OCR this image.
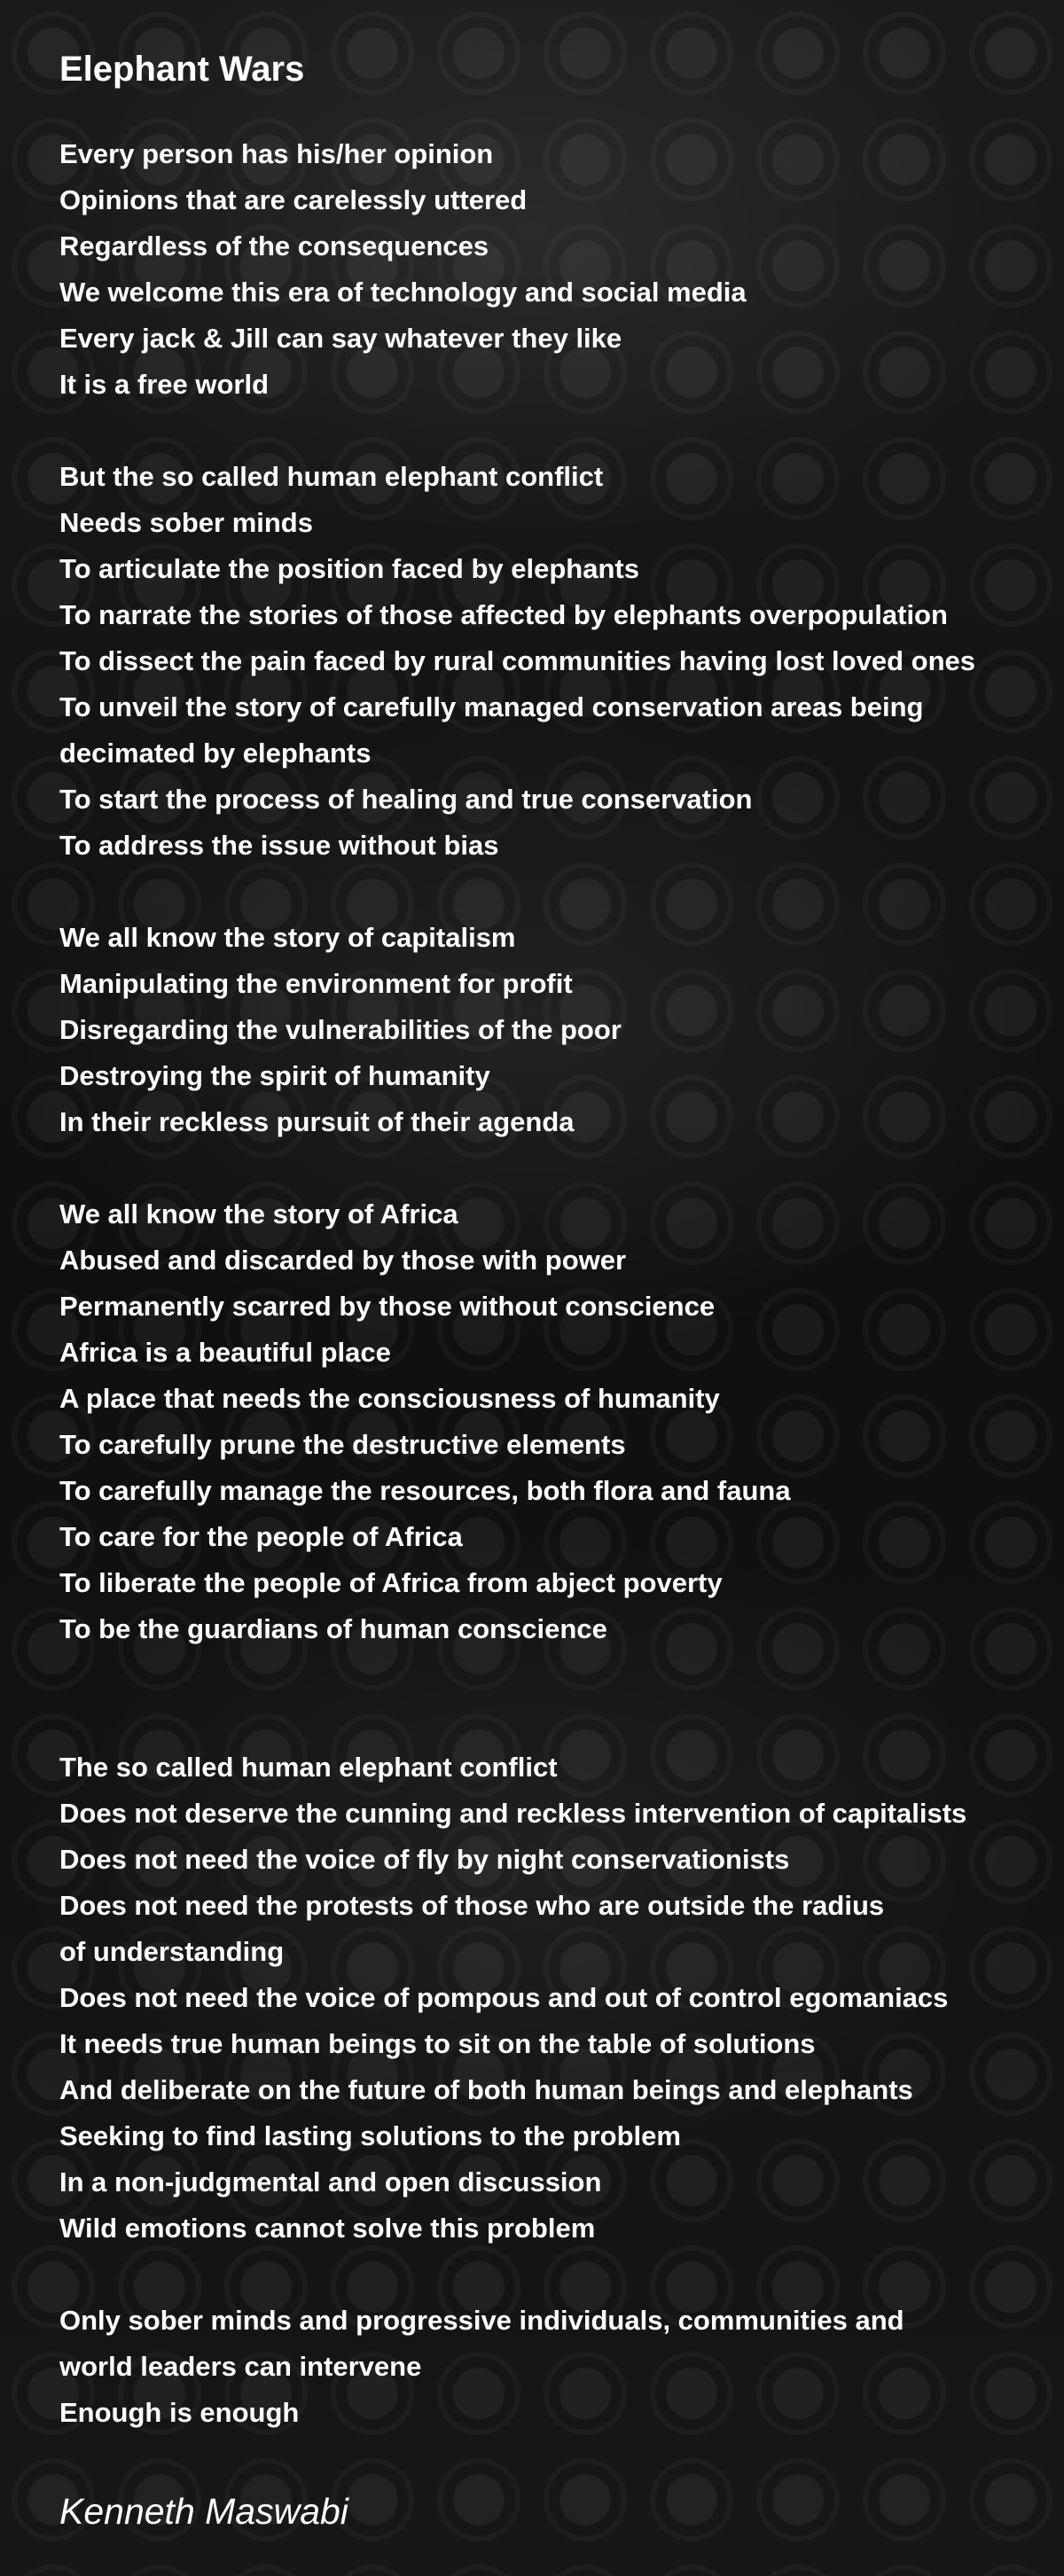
Elephant Wars
Every person has his/her opinion
Opinions that are carelessly uttered
Regardless of the consequences
We welcome this era of technology and social media
Every jack & Jill can say whatever they like
It is a free world
But the so called human elephant conflict
Needs sober minds
To articulate the position faced by elephants
To narrate the stories of those affected by elephants overpopulation
To dissect the pain faced by rural communities having lost loved ones
To unveil the story of carefully managed conservation areas being
decimated by elephants
To start the process of healing and true conservation
To address the issue without bias
We all know the story of capitalism
Manipulating the environment for profit
Disregarding the vulnerabilities of the poor
Destroying the spirit of humanity
In their reckless pursuit of their agenda
We all know the story of Africa
Abused and discarded by those with power
Permanently scarred by those without conscience
Africa is a beautiful place
A place that needs the consciousness of humanity
To carefully prune the destructive elements
To carefully manage the resources, both flora and fauna
To care for the people of Africa
To liberate the people of Africa from abject poverty
To be the guardians of human conscience
The so called human elephant conflict
Does not deserve the cunning and reckless intervention of capitalists
Does not need the voice of fly by night conservationists
Does not need the protests of those who are outside the radius
of understanding
Does not need the voice of pompous and out of control egomaniacs
It needs true human beings to sit on the table of solutions
And deliberate on the future of both human beings and elephants
Seeking to find lasting solutions to the problem
In a non-judgmental and open discussion
Wild emotions cannot solve this problem
Only sober minds and progressive individuals, communities and
world leaders can intervene
Enough is enough
Kenneth Maswabi
